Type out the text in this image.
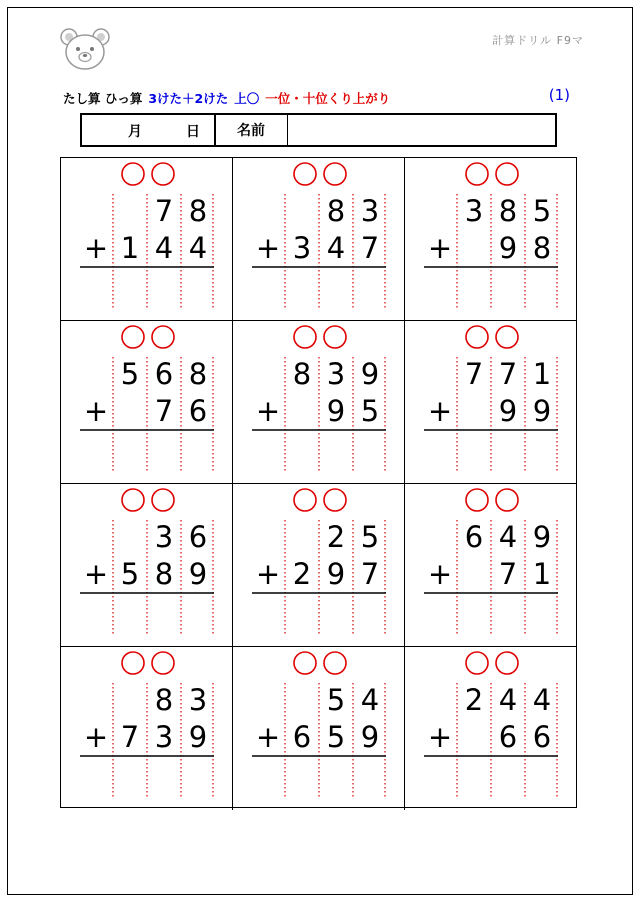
計算ドリル F9マ
たし算 ひっ算 3けた＋2けた 上〇 一位・十位くり上がり	(1)
月	日	名前
7 8
1 4 4
+
8 3
3 4 7
+
3 8 5
9 8
+
5 6 8
7 6
+
8 3 9
9 5
+
7 7 1
9 9
+
3 6
5 8 9
+
2 5
2 9 7
+
6 4 9
7 1
+
8 3
7 3 9
+
5 4
6 5 9
+
2 4 4
6 6
+
